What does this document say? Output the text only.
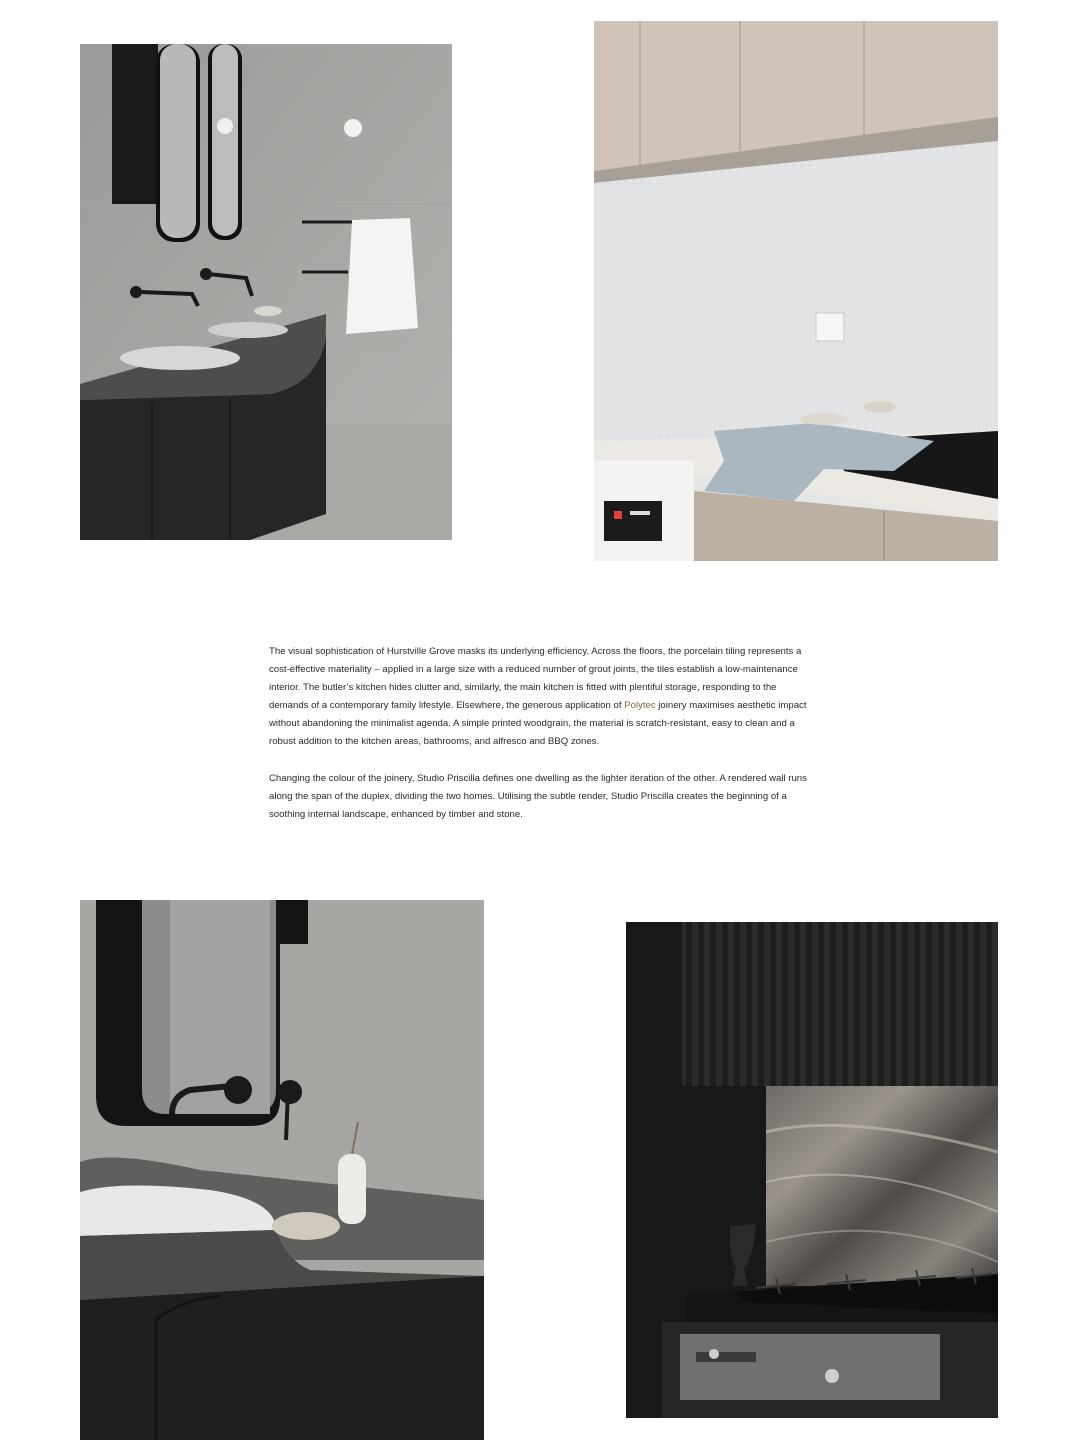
The visual sophistication of Hurstville Grove masks its underlying efficiency. Across the floors, the porcelain tiling represents a cost-effective materiality – applied in a large size with a reduced number of grout joints, the tiles establish a low-maintenance interior. The butler’s kitchen hides clutter and, similarly, the main kitchen is fitted with plentiful storage, responding to the demands of a contemporary family lifestyle. Elsewhere, the generous application of Polytec joinery maximises aesthetic impact without abandoning the minimalist agenda. A simple printed woodgrain, the material is scratch-resistant, easy to clean and a robust addition to the kitchen areas, bathrooms, and alfresco and BBQ zones.

Changing the colour of the joinery, Studio Priscilla defines one dwelling as the lighter iteration of the other. A rendered wall runs along the span of the duplex, dividing the two homes. Utilising the subtle render, Studio Priscilla creates the beginning of a soothing internal landscape, enhanced by timber and stone.
